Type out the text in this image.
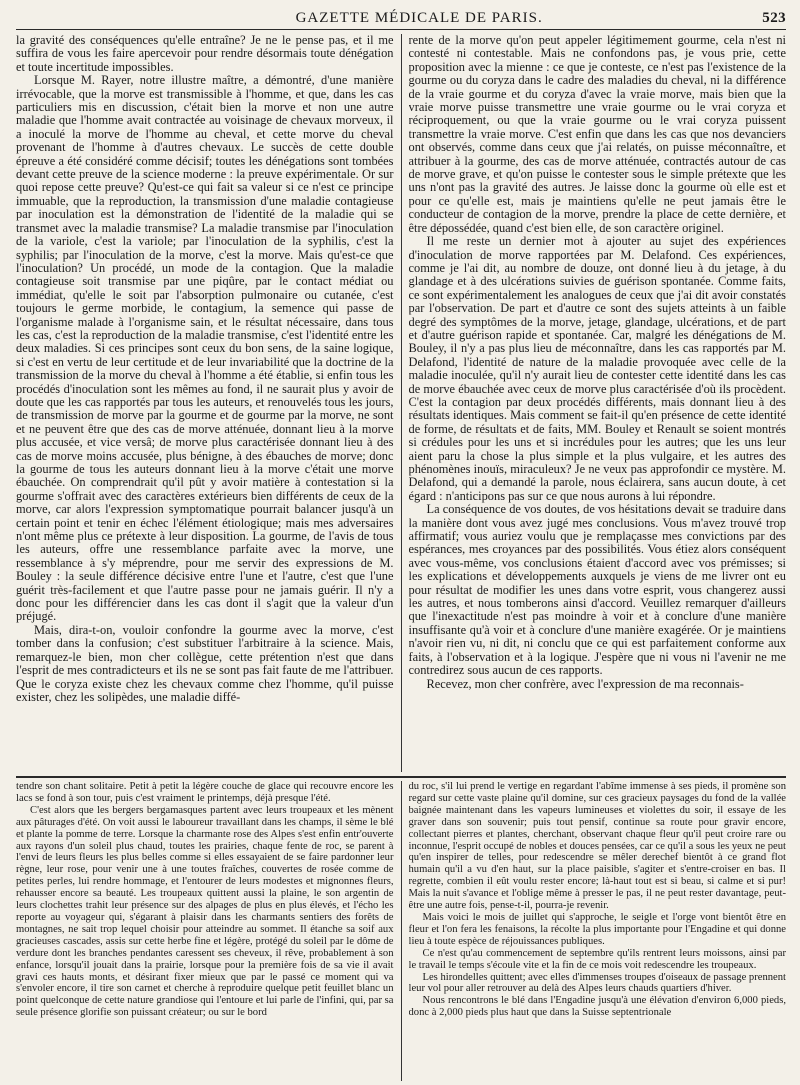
GAZETTE MÉDICALE DE PARIS.	523

la gravité des conséquences qu'elle entraîne? Je ne le pense pas, et il me suffira de vous les faire apercevoir pour rendre désormais toute dénégation et toute incertitude impossibles.

Lorsque M. Rayer, notre illustre maître, a démontré, d'une manière irrévocable, que la morve est transmissible à l'homme, et que, dans les cas particuliers mis en discussion, c'était bien la morve et non une autre maladie que l'homme avait contractée au voisinage de chevaux morveux, il a inoculé la morve de l'homme au cheval, et cette morve du cheval provenant de l'homme à d'autres chevaux. Le succès de cette double épreuve a été considéré comme décisif; toutes les dénégations sont tombées devant cette preuve de la science moderne : la preuve expérimentale. Or sur quoi repose cette preuve? Qu'est-ce qui fait sa valeur si ce n'est ce principe immuable, que la reproduction, la transmission d'une maladie contagieuse par inoculation est la démonstration de l'identité de la maladie qui se transmet avec la maladie transmise? La maladie transmise par l'inoculation de la variole, c'est la variole; par l'inoculation de la syphilis, c'est la syphilis; par l'inoculation de la morve, c'est la morve. Mais qu'est-ce que l'inoculation? Un procédé, un mode de la contagion. Que la maladie contagieuse soit transmise par une piqûre, par le contact médiat ou immédiat, qu'elle le soit par l'absorption pulmonaire ou cutanée, c'est toujours le germe morbide, le contagium, la semence qui passe de l'organisme malade à l'organisme sain, et le résultat nécessaire, dans tous les cas, c'est la reproduction de la maladie transmise, c'est l'identité entre les deux maladies. Si ces principes sont ceux du bon sens, de la saine logique, si c'est en vertu de leur certitude et de leur invariabilité que la doctrine de la transmission de la morve du cheval à l'homme a été établie, si enfin tous les procédés d'inoculation sont les mêmes au fond, il ne saurait plus y avoir de doute que les cas rapportés par tous les auteurs, et renouvelés tous les jours, de transmission de morve par la gourme et de gourme par la morve, ne sont et ne peuvent être que des cas de morve atténuée, donnant lieu à la morve plus accusée, et vice versâ; de morve plus caractérisée donnant lieu à des cas de morve moins accusée, plus bénigne, à des ébauches de morve; donc la gourme de tous les auteurs donnant lieu à la morve c'était une morve ébauchée. On comprendrait qu'il pût y avoir matière à contestation si la gourme s'offrait avec des caractères extérieurs bien différents de ceux de la morve, car alors l'expression symptomatique pourrait balancer jusqu'à un certain point et tenir en échec l'élément étiologique; mais mes adversaires n'ont même plus ce prétexte à leur disposition. La gourme, de l'avis de tous les auteurs, offre une ressemblance parfaite avec la morve, une ressemblance à s'y méprendre, pour me servir des expressions de M. Bouley : la seule différence décisive entre l'une et l'autre, c'est que l'une guérit très-facilement et que l'autre passe pour ne jamais guérir. Il n'y a donc pour les différencier dans les cas dont il s'agit que la valeur d'un préjugé.

Mais, dira-t-on, vouloir confondre la gourme avec la morve, c'est tomber dans la confusion; c'est substituer l'arbitraire à la science. Mais, remarquez-le bien, mon cher collègue, cette prétention n'est que dans l'esprit de mes contradicteurs et ils ne se sont pas fait faute de me l'attribuer. Que le coryza existe chez les chevaux comme chez l'homme, qu'il puisse exister, chez les solipèdes, une maladie diffé-

rente de la morve qu'on peut appeler légitimement gourme, cela n'est ni contesté ni contestable. Mais ne confondons pas, je vous prie, cette proposition avec la mienne : ce que je conteste, ce n'est pas l'existence de la gourme ou du coryza dans le cadre des maladies du cheval, ni la différence de la vraie gourme et du coryza d'avec la vraie morve, mais bien que la vraie morve puisse transmettre une vraie gourme ou le vrai coryza et réciproquement, ou que la vraie gourme ou le vrai coryza puissent transmettre la vraie morve. C'est enfin que dans les cas que nos devanciers ont observés, comme dans ceux que j'ai relatés, on puisse méconnaître, et attribuer à la gourme, des cas de morve atténuée, contractés autour de cas de morve grave, et qu'on puisse le contester sous le simple prétexte que les uns n'ont pas la gravité des autres. Je laisse donc la gourme où elle est et pour ce qu'elle est, mais je maintiens qu'elle ne peut jamais être le conducteur de contagion de la morve, prendre la place de cette dernière, et être dépossédée, quand c'est bien elle, de son caractère originel.

Il me reste un dernier mot à ajouter au sujet des expériences d'inoculation de morve rapportées par M. Delafond. Ces expériences, comme je l'ai dit, au nombre de douze, ont donné lieu à du jetage, à du glandage et à des ulcérations suivies de guérison spontanée. Comme faits, ce sont expérimentalement les analogues de ceux que j'ai dit avoir constatés par l'observation. De part et d'autre ce sont des sujets atteints à un faible degré des symptômes de la morve, jetage, glandage, ulcérations, et de part et d'autre guérison rapide et spontanée. Car, malgré les dénégations de M. Bouley, il n'y a pas plus lieu de méconnaître, dans les cas rapportés par M. Delafond, l'identité de nature de la maladie provoquée avec celle de la maladie inoculée, qu'il n'y aurait lieu de contester cette identité dans les cas de morve ébauchée avec ceux de morve plus caractérisée d'où ils procèdent. C'est la contagion par deux procédés différents, mais donnant lieu à des résultats identiques. Mais comment se fait-il qu'en présence de cette identité de forme, de résultats et de faits, MM. Bouley et Renault se soient montrés si crédules pour les uns et si incrédules pour les autres; que les uns leur aient paru la chose la plus simple et la plus vulgaire, et les autres des phénomènes inouïs, miraculeux? Je ne veux pas approfondir ce mystère. M. Delafond, qui a demandé la parole, nous éclairera, sans aucun doute, à cet égard : n'anticipons pas sur ce que nous aurons à lui répondre.

La conséquence de vos doutes, de vos hésitations devait se traduire dans la manière dont vous avez jugé mes conclusions. Vous m'avez trouvé trop affirmatif; vous auriez voulu que je remplaçasse mes convictions par des espérances, mes croyances par des possibilités. Vous étiez alors conséquent avec vous-même, vos conclusions étaient d'accord avec vos prémisses; si les explications et développements auxquels je viens de me livrer ont eu pour résultat de modifier les unes dans votre esprit, vous changerez aussi les autres, et nous tomberons ainsi d'accord. Veuillez remarquer d'ailleurs que l'inexactitude n'est pas moindre à voir et à conclure d'une manière insuffisante qu'à voir et à conclure d'une manière exagérée. Or je maintiens n'avoir rien vu, ni dit, ni conclu que ce qui est parfaitement conforme aux faits, à l'observation et à la logique. J'espère que ni vous ni l'avenir ne me contredirez sous aucun de ces rapports.

Recevez, mon cher confrère, avec l'expression de ma reconnais-

tendre son chant solitaire. Petit à petit la légère couche de glace qui recouvre encore les lacs se fond à son tour, puis c'est vraiment le printemps, déjà presque l'été.

C'est alors que les bergers bergamasques partent avec leurs troupeaux et les mènent aux pâturages d'été. On voit aussi le laboureur travaillant dans les champs, il sème le blé et plante la pomme de terre. Lorsque la charmante rose des Alpes s'est enfin entr'ouverte aux rayons d'un soleil plus chaud, toutes les prairies, chaque fente de roc, se parent à l'envi de leurs fleurs les plus belles comme si elles essayaient de se faire pardonner leur règne, leur rose, pour venir une à une toutes fraîches, couvertes de rosée comme de petites perles, lui rendre hommage, et l'entourer de leurs modestes et mignonnes fleurs, rehausser encore sa beauté. Les troupeaux quittent aussi la plaine, le son argentin de leurs clochettes trahit leur présence sur des alpages de plus en plus élevés, et l'écho les reporte au voyageur qui, s'égarant à plaisir dans les charmants sentiers des forêts de montagnes, ne sait trop lequel choisir pour atteindre au sommet. Il étanche sa soif aux gracieuses cascades, assis sur cette herbe fine et légère, protégé du soleil par le dôme de verdure dont les branches pendantes caressent ses cheveux, il rêve, probablement à son enfance, lorsqu'il jouait dans la prairie, lorsque pour la première fois de sa vie il avait gravi ces hauts monts, et désirant fixer mieux que par le passé ce moment qui va s'envoler encore, il tire son carnet et cherche à reproduire quelque petit feuillet blanc un point quelconque de cette nature grandiose qui l'entoure et lui parle de l'infini, qui, par sa seule présence glorifie son puissant créateur; ou sur le bord

du roc, s'il lui prend le vertige en regardant l'abîme immense à ses pieds, il promène son regard sur cette vaste plaine qu'il domine, sur ces gracieux paysages du fond de la vallée baignée maintenant dans les vapeurs lumineuses et violettes du soir, il essaye de les graver dans son souvenir; puis tout pensif, continue sa route pour gravir encore, collectant pierres et plantes, cherchant, observant chaque fleur qu'il peut croire rare ou inconnue, l'esprit occupé de nobles et douces pensées, car ce qu'il a sous les yeux ne peut qu'en inspirer de telles, pour redescendre se mêler derechef bientôt à ce grand flot humain qu'il a vu d'en haut, sur la place paisible, s'agiter et s'entre-croiser en bas. Il regrette, combien il eût voulu rester encore; là-haut tout est si beau, si calme et si pur! Mais la nuit s'avance et l'oblige même à presser le pas, il ne peut rester davantage, peut-être une autre fois, pense-t-il, pourra-je revenir.

Mais voici le mois de juillet qui s'approche, le seigle et l'orge vont bientôt être en fleur et l'on fera les fenaisons, la récolte la plus importante pour l'Engadine et qui donne lieu à toute espèce de réjouissances publiques.

Ce n'est qu'au commencement de septembre qu'ils rentrent leurs moissons, ainsi par le travail le temps s'écoule vite et la fin de ce mois voit redescendre les troupeaux.

Les hirondelles quittent; avec elles d'immenses troupes d'oiseaux de passage prennent leur vol pour aller retrouver au delà des Alpes leurs chauds quartiers d'hiver.

Nous rencontrons le blé dans l'Engadine jusqu'à une élévation d'environ 6,000 pieds, donc à 2,000 pieds plus haut que dans la Suisse septentrionale
